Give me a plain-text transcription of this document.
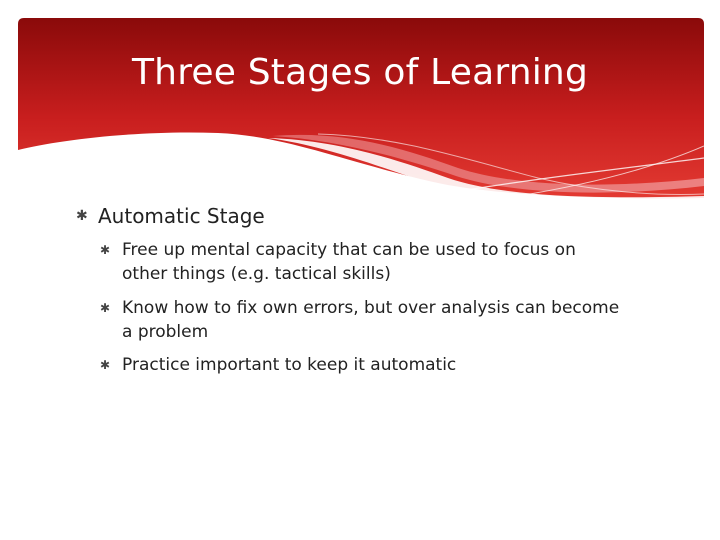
Three Stages of Learning
✱ Automatic Stage
✱ Free up mental capacity that can be used to focus on other things (e.g. tactical skills)
✱ Know how to fix own errors, but over analysis can become a problem
✱ Practice important to keep it automatic
